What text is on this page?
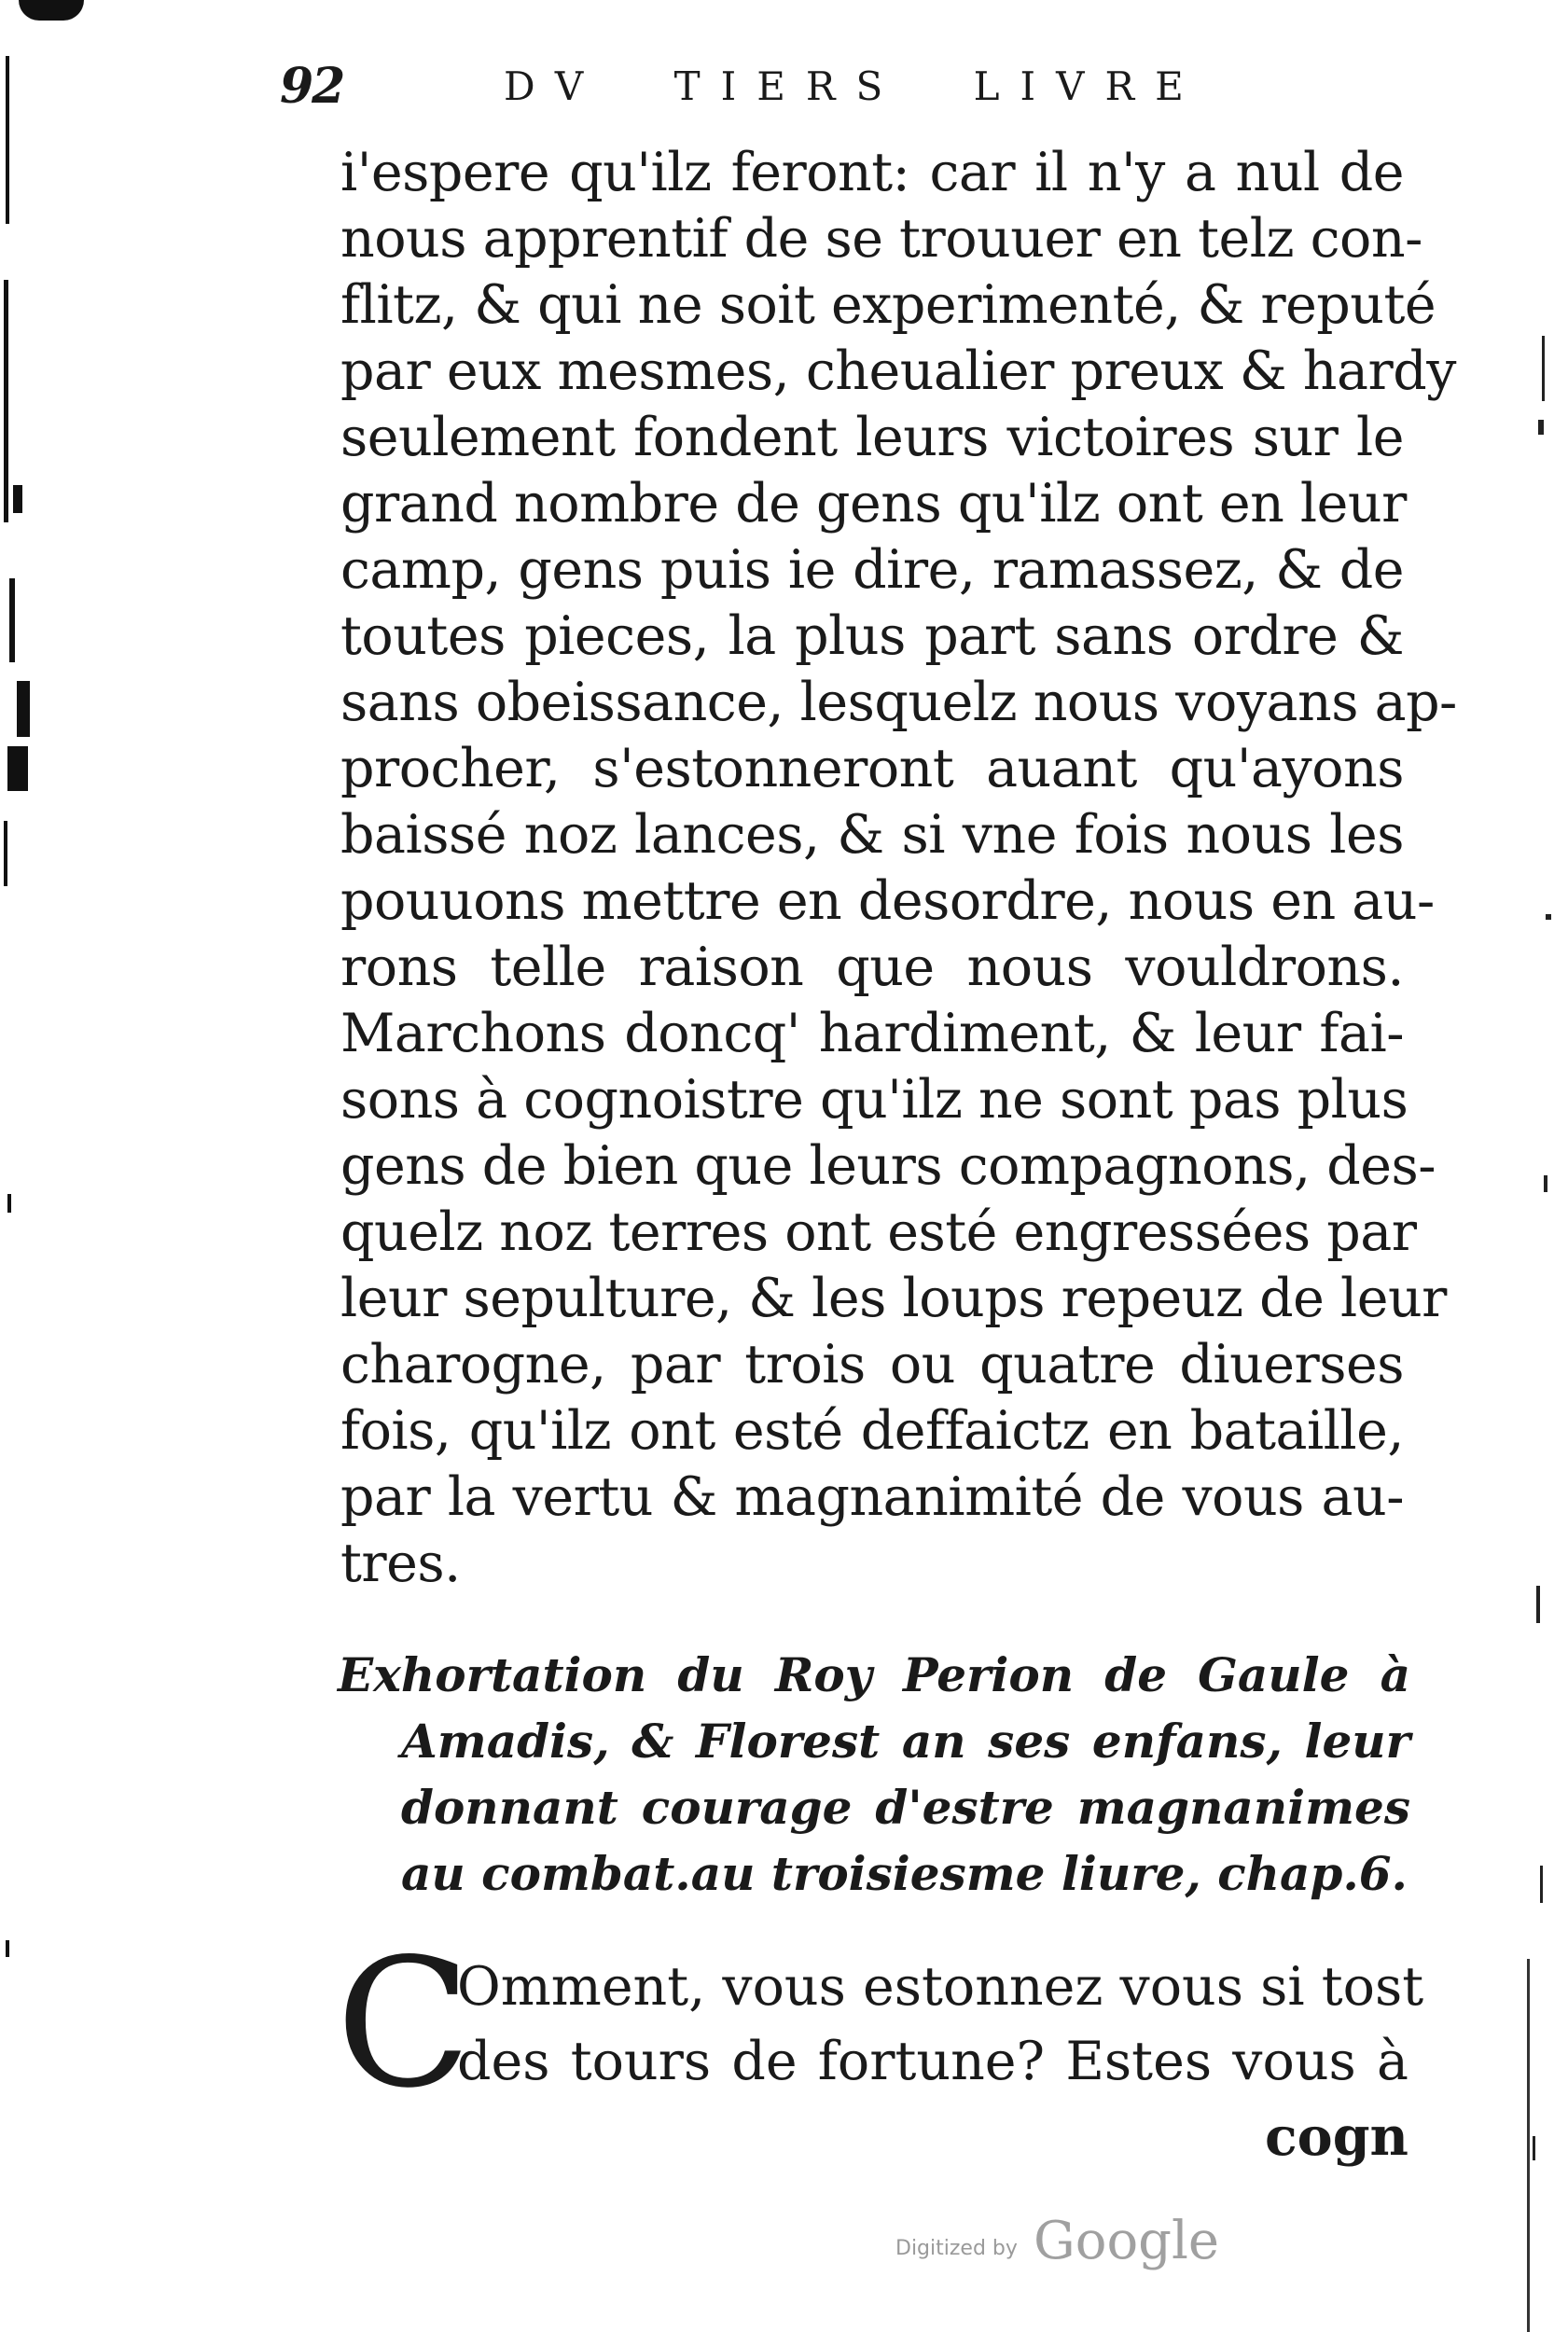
92	DV TIERS LIVRE
i'espere qu'ilz feront: car il n'y a nul de
nous apprentif de se trouuer en telz con-
flitz, & qui ne soit experimenté, & reputé
par eux mesmes, cheualier preux & hardy
seulement fondent leurs victoires sur le
grand nombre de gens qu'ilz ont en leur
camp, gens puis ie dire, ramassez, & de
toutes pieces, la plus part sans ordre &
sans obeissance, lesquelz nous voyans ap-
procher, s'estonneront auant qu'ayons
baissé noz lances, & si vne fois nous les
pouuons mettre en desordre, nous en au-
rons telle raison que nous vouldrons.
Marchons doncq' hardiment, & leur fai-
sons à cognoistre qu'ilz ne sont pas plus
gens de bien que leurs compagnons, des-
quelz noz terres ont esté engressées par
leur sepulture, & les loups repeuz de leur
charogne, par trois ou quatre diuerses
fois, qu'ilz ont esté deffaictz en bataille,
par la vertu & magnanimité de vous au-
tres.
Exhortation du Roy Perion de Gaule à
Amadis, & Florest an ses enfans, leur
donnant courage d'estre magnanimes
au combat.au troisiesme liure, chap.6.
C
Omment, vous estonnez vous si tost
des tours de fortune? Estes vous à
cogn
Digitized by Google
